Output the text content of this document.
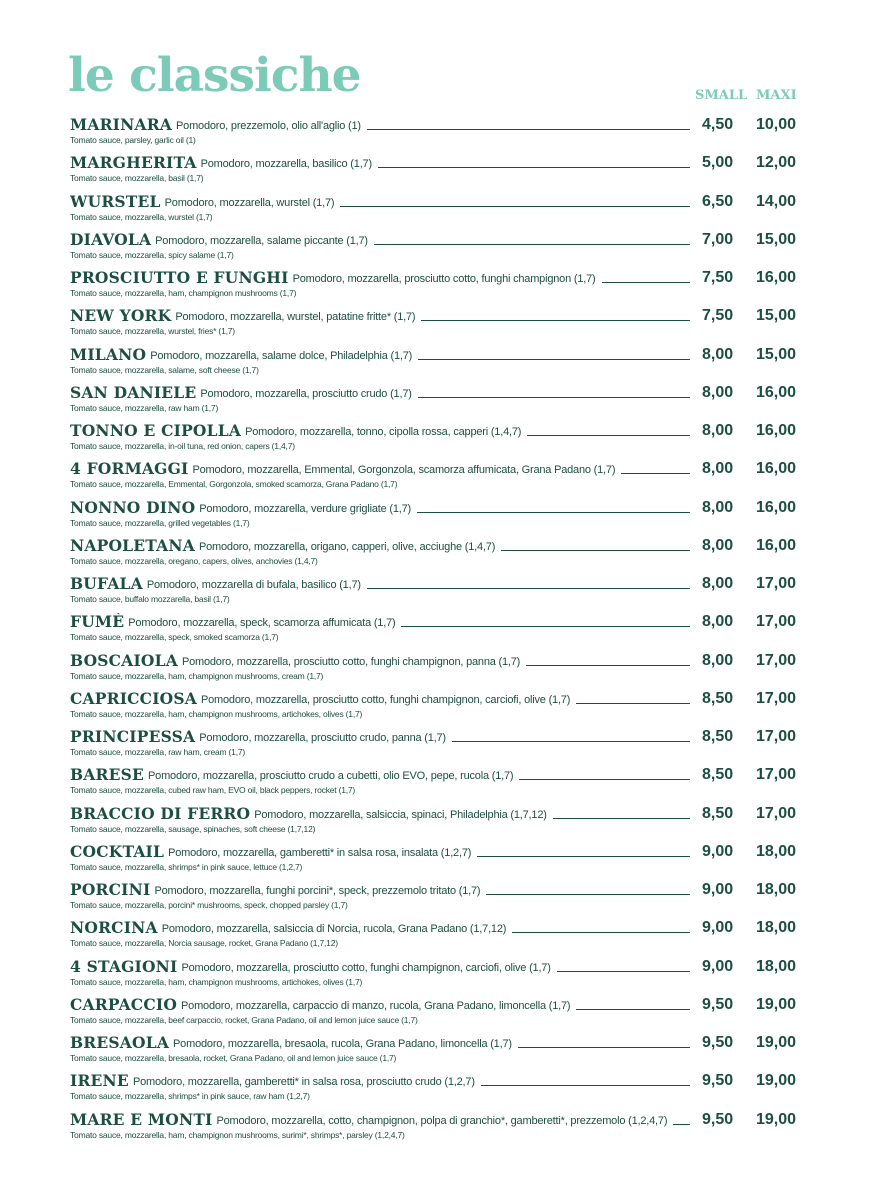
le classiche	SMALL MAXI
MARINARA Pomodoro, prezzemolo, olio all'aglio (1)
Tomato sauce, parsley, garlic oil (1)
4,50 10,00
MARGHERITA Pomodoro, mozzarella, basilico (1,7)
Tomato sauce, mozzarella, basil (1,7)
5,00 12,00
WURSTEL Pomodoro, mozzarella, wurstel (1,7)
Tomato sauce, mozzarella, wurstel (1,7)
6,50 14,00
DIAVOLA Pomodoro, mozzarella, salame piccante (1,7)
Tomato sauce, mozzarella, spicy salame (1,7)
7,00 15,00
PROSCIUTTO E FUNGHI Pomodoro, mozzarella, prosciutto cotto, funghi champignon (1,7)
Tomato sauce, mozzarella, ham, champignon mushrooms (1,7)
7,50 16,00
NEW YORK Pomodoro, mozzarella, wurstel, patatine fritte* (1,7)
Tomato sauce, mozzarella, wurstel, fries* (1,7)
7,50 15,00
MILANO Pomodoro, mozzarella, salame dolce, Philadelphia (1,7)
Tomato sauce, mozzarella, salame, soft cheese (1,7)
8,00 15,00
SAN DANIELE Pomodoro, mozzarella, prosciutto crudo (1,7)
Tomato sauce, mozzarella, raw ham (1,7)
8,00 16,00
TONNO E CIPOLLA Pomodoro, mozzarella, tonno, cipolla rossa, capperi (1,4,7)
Tomato sauce, mozzarella, in-oil tuna, red onion, capers (1,4,7)
8,00 16,00
4 FORMAGGI Pomodoro, mozzarella, Emmental, Gorgonzola, scamorza affumicata, Grana Padano (1,7)
Tomato sauce, mozzarella, Emmental, Gorgonzola, smoked scamorza, Grana Padano (1,7)
8,00 16,00
NONNO DINO Pomodoro, mozzarella, verdure grigliate (1,7)
Tomato sauce, mozzarella, grilled vegetables (1,7)
8,00 16,00
NAPOLETANA Pomodoro, mozzarella, origano, capperi, olive, acciughe (1,4,7)
Tomato sauce, mozzarella, oregano, capers, olives, anchovies (1,4,7)
8,00 16,00
BUFALA Pomodoro, mozzarella di bufala, basilico (1,7)
Tomato sauce, buffalo mozzarella, basil (1,7)
8,00 17,00
FUMÈ Pomodoro, mozzarella, speck, scamorza affumicata (1,7)
Tomato sauce, mozzarella, speck, smoked scamorza (1,7)
8,00 17,00
BOSCAIOLA Pomodoro, mozzarella, prosciutto cotto, funghi champignon, panna (1,7)
Tomato sauce, mozzarella, ham, champignon mushrooms, cream (1,7)
8,00 17,00
CAPRICCIOSA Pomodoro, mozzarella, prosciutto cotto, funghi champignon, carciofi, olive (1,7)
Tomato sauce, mozzarella, ham, champignon mushrooms, artichokes, olives (1,7)
8,50 17,00
PRINCIPESSA Pomodoro, mozzarella, prosciutto crudo, panna (1,7)
Tomato sauce, mozzarella, raw ham, cream (1,7)
8,50 17,00
BARESE Pomodoro, mozzarella, prosciutto crudo a cubetti, olio EVO, pepe, rucola (1,7)
Tomato sauce, mozzarella, cubed raw ham, EVO oil, black peppers, rocket (1,7)
8,50 17,00
BRACCIO DI FERRO Pomodoro, mozzarella, salsiccia, spinaci, Philadelphia (1,7,12)
Tomato sauce, mozzarella, sausage, spinaches, soft cheese (1,7,12)
8,50 17,00
COCKTAIL Pomodoro, mozzarella, gamberetti* in salsa rosa, insalata (1,2,7)
Tomato sauce, mozzarella, shrimps* in pink sauce, lettuce (1,2,7)
9,00 18,00
PORCINI Pomodoro, mozzarella, funghi porcini*, speck, prezzemolo tritato (1,7)
Tomato sauce, mozzarella, porcini* mushrooms, speck, chopped parsley (1,7)
9,00 18,00
NORCINA Pomodoro, mozzarella, salsiccia di Norcia, rucola, Grana Padano (1,7,12)
Tomato sauce, mozzarella, Norcia sausage, rocket, Grana Padano (1,7,12)
9,00 18,00
4 STAGIONI Pomodoro, mozzarella, prosciutto cotto, funghi champignon, carciofi, olive (1,7)
Tomato sauce, mozzarella, ham, champignon mushrooms, artichokes, olives (1,7)
9,00 18,00
CARPACCIO Pomodoro, mozzarella, carpaccio di manzo, rucola, Grana Padano, limoncella (1,7)
Tomato sauce, mozzarella, beef carpaccio, rocket, Grana Padano, oil and lemon juice sauce (1,7)
9,50 19,00
BRESAOLA Pomodoro, mozzarella, bresaola, rucola, Grana Padano, limoncella (1,7)
Tomato sauce, mozzarella, bresaola, rocket, Grana Padano, oil and lemon juice sauce (1,7)
9,50 19,00
IRENE Pomodoro, mozzarella, gamberetti* in salsa rosa, prosciutto crudo (1,2,7)
Tomato sauce, mozzarella, shrimps* in pink sauce, raw ham (1,2,7)
9,50 19,00
MARE E MONTI Pomodoro, mozzarella, cotto, champignon, polpa di granchio*, gamberetti*, prezzemolo (1,2,4,7)
Tomato sauce, mozzarella, ham, champignon mushrooms, surimi*, shrimps*, parsley (1,2,4,7)
9,50 19,00
